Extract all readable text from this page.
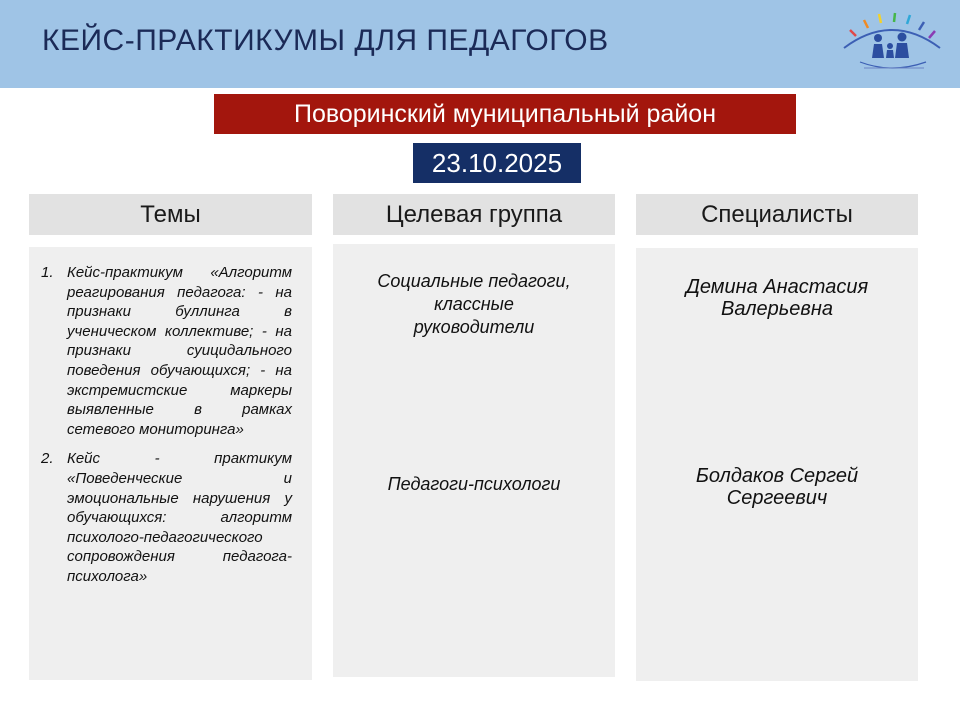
КЕЙС-ПРАКТИКУМЫ ДЛЯ ПЕДАГОГОВ
Поворинский муниципальный район
23.10.2025
Темы	Целевая группа	Специалисты
1. Кейс-практикум «Алгоритм реагирования педагога: - на признаки буллинга в ученическом коллективе; - на признаки суицидального поведения обучающихся; - на экстремистские маркеры выявленные в рамках сетевого мониторинга»
2. Кейс - практикум «Поведенческие и эмоциональные нарушения у обучающихся: алгоритм психолого-педагогического сопровождения педагога-психолога»
Социальные педагоги, классные руководители
Педагоги-психологи
Демина Анастасия Валерьевна
Болдаков Сергей Сергеевич
